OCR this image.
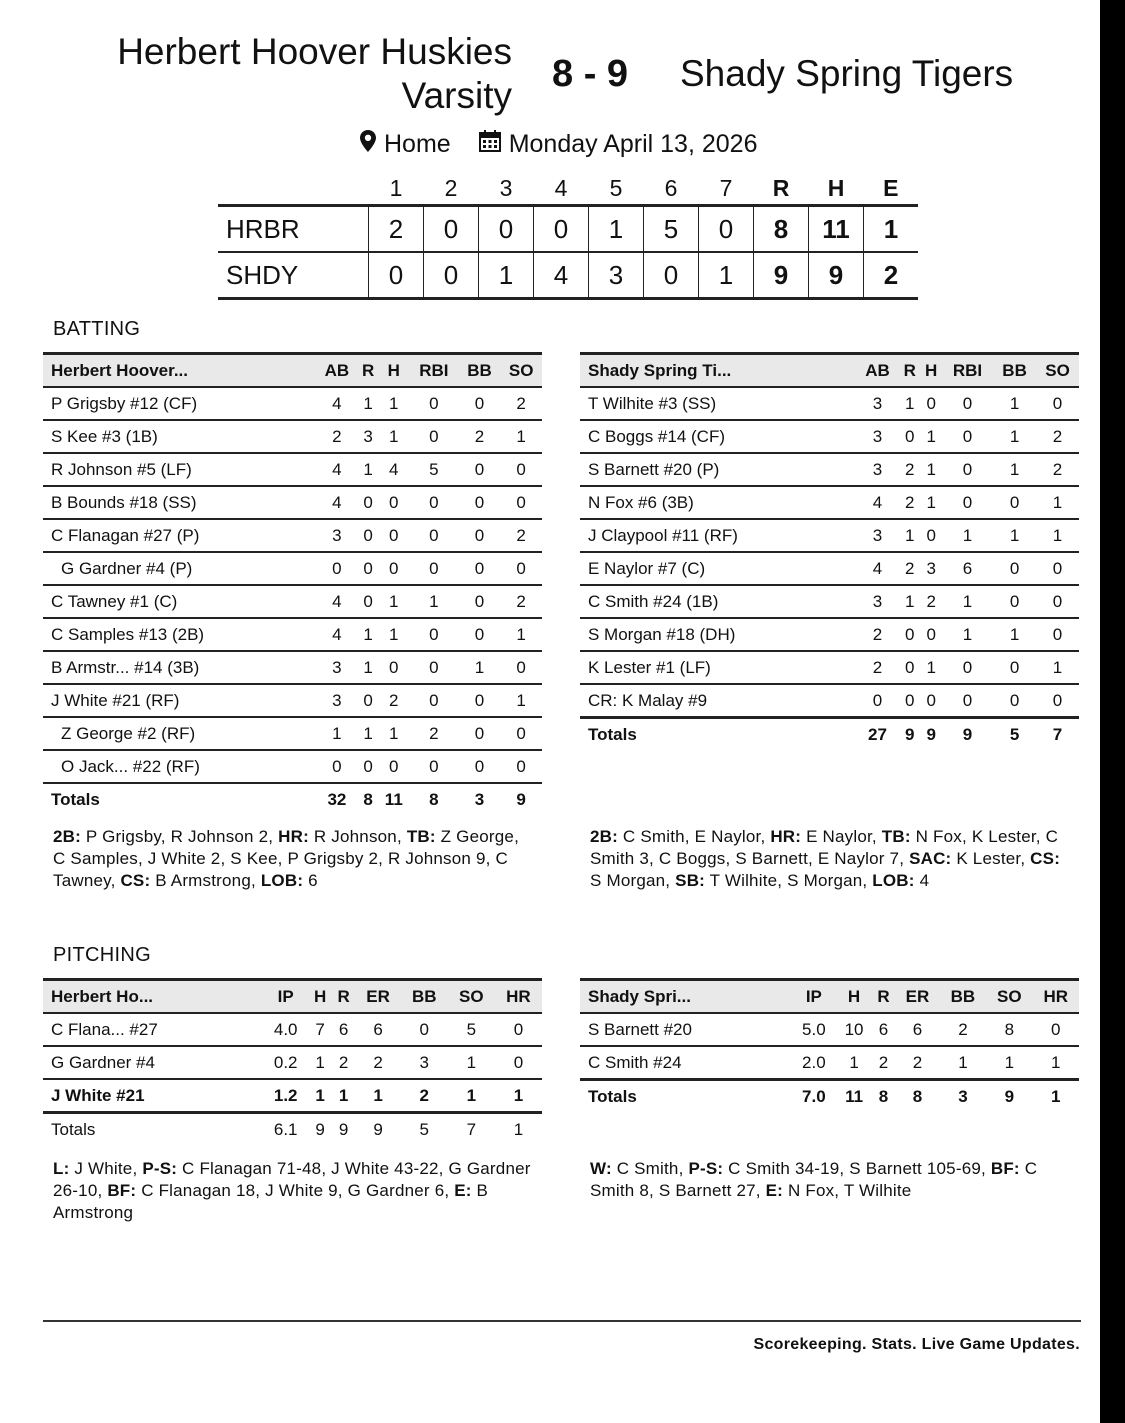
Herbert Hoover Huskies
Varsity
8 - 9 Shady Spring Tigers
Home Monday April 13, 2026
	1	2	3	4	5	6	7	R	H	E
HRBR	2	0	0	0	1	5	0	8	11	1
SHDY	0	0	1	4	3	0	1	9	9	2
BATTING
Herbert Hoover...	AB	R	H	RBI	BB	SO
P Grigsby #12 (CF)	4	1	1	0	0	2
S Kee #3 (1B)	2	3	1	0	2	1
R Johnson #5 (LF)	4	1	4	5	0	0
B Bounds #18 (SS)	4	0	0	0	0	0
C Flanagan #27 (P)	3	0	0	0	0	2
G Gardner #4 (P)	0	0	0	0	0	0
C Tawney #1 (C)	4	0	1	1	0	2
C Samples #13 (2B)	4	1	1	0	0	1
B Armstr... #14 (3B)	3	1	0	0	1	0
J White #21 (RF)	3	0	2	0	0	1
Z George #2 (RF)	1	1	1	2	0	0
O Jack... #22 (RF)	0	0	0	0	0	0
Totals	32	8	11	8	3	9
Shady Spring Ti...	AB	R	H	RBI	BB	SO
T Wilhite #3 (SS)	3	1	0	0	1	0
C Boggs #14 (CF)	3	0	1	0	1	2
S Barnett #20 (P)	3	2	1	0	1	2
N Fox #6 (3B)	4	2	1	0	0	1
J Claypool #11 (RF)	3	1	0	1	1	1
E Naylor #7 (C)	4	2	3	6	0	0
C Smith #24 (1B)	3	1	2	1	0	0
S Morgan #18 (DH)	2	0	0	1	1	0
K Lester #1 (LF)	2	0	1	0	0	1
CR: K Malay #9	0	0	0	0	0	0
Totals	27	9	9	9	5	7
2B: P Grigsby, R Johnson 2, HR: R Johnson, TB: Z George, C Samples, J White 2, S Kee, P Grigsby 2, R Johnson 9, C Tawney, CS: B Armstrong, LOB: 6
2B: C Smith, E Naylor, HR: E Naylor, TB: N Fox, K Lester, C Smith 3, C Boggs, S Barnett, E Naylor 7, SAC: K Lester, CS: S Morgan, SB: T Wilhite, S Morgan, LOB: 4
PITCHING
Herbert Ho...	IP	H	R	ER	BB	SO	HR
C Flana... #27	4.0	7	6	6	0	5	0
G Gardner #4	0.2	1	2	2	3	1	0
J White #21	1.2	1	1	1	2	1	1
Totals	6.1	9	9	9	5	7	1
Shady Spri...	IP	H	R	ER	BB	SO	HR
S Barnett #20	5.0	10	6	6	2	8	0
C Smith #24	2.0	1	2	2	1	1	1
Totals	7.0	11	8	8	3	9	1
L: J White, P-S: C Flanagan 71-48, J White 43-22, G Gardner 26-10, BF: C Flanagan 18, J White 9, G Gardner 6, E: B Armstrong
W: C Smith, P-S: C Smith 34-19, S Barnett 105-69, BF: C Smith 8, S Barnett 27, E: N Fox, T Wilhite
Scorekeeping. Stats. Live Game Updates.
